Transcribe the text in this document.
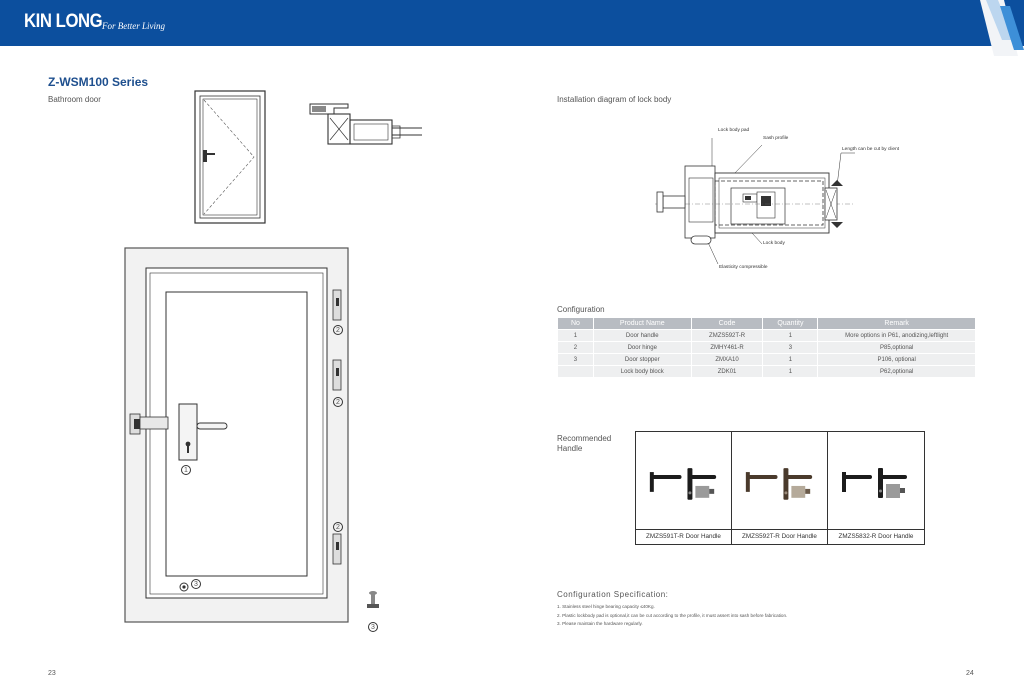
KIN LONG For Better Living
Z-WSM100 Series
Bathroom door
1
2
2
2
3
3
23
Installation diagram of lock body
Lock body pad
Sash profile
Length can be cut by client
Lock body
Elasticity compressible
Configuration
No	Product Name	Code	Quantity	Remark
1	Door handle	ZMZS592T-R	1	More options in P61, anodizing,leftlight
2	Door hinge	ZMHY461-R	3	P85,optional
3	Door stopper	ZMXA10	1	P106, optional
	Lock body block	ZDK01	1	P62,optional
Recommended
Handle
ZMZS591T-R Door Handle	ZMZS592T-R Door Handle	ZMZS5832-R Door Handle
Configuration Specification:
1. Stainless steel hinge bearing capacity ≤40Kg.
2. Plastic lockbody pad is optional,it can be cut according to the profile, it must assert into sash before fabrication.
3. Please maintain the hardware regularly.
24
